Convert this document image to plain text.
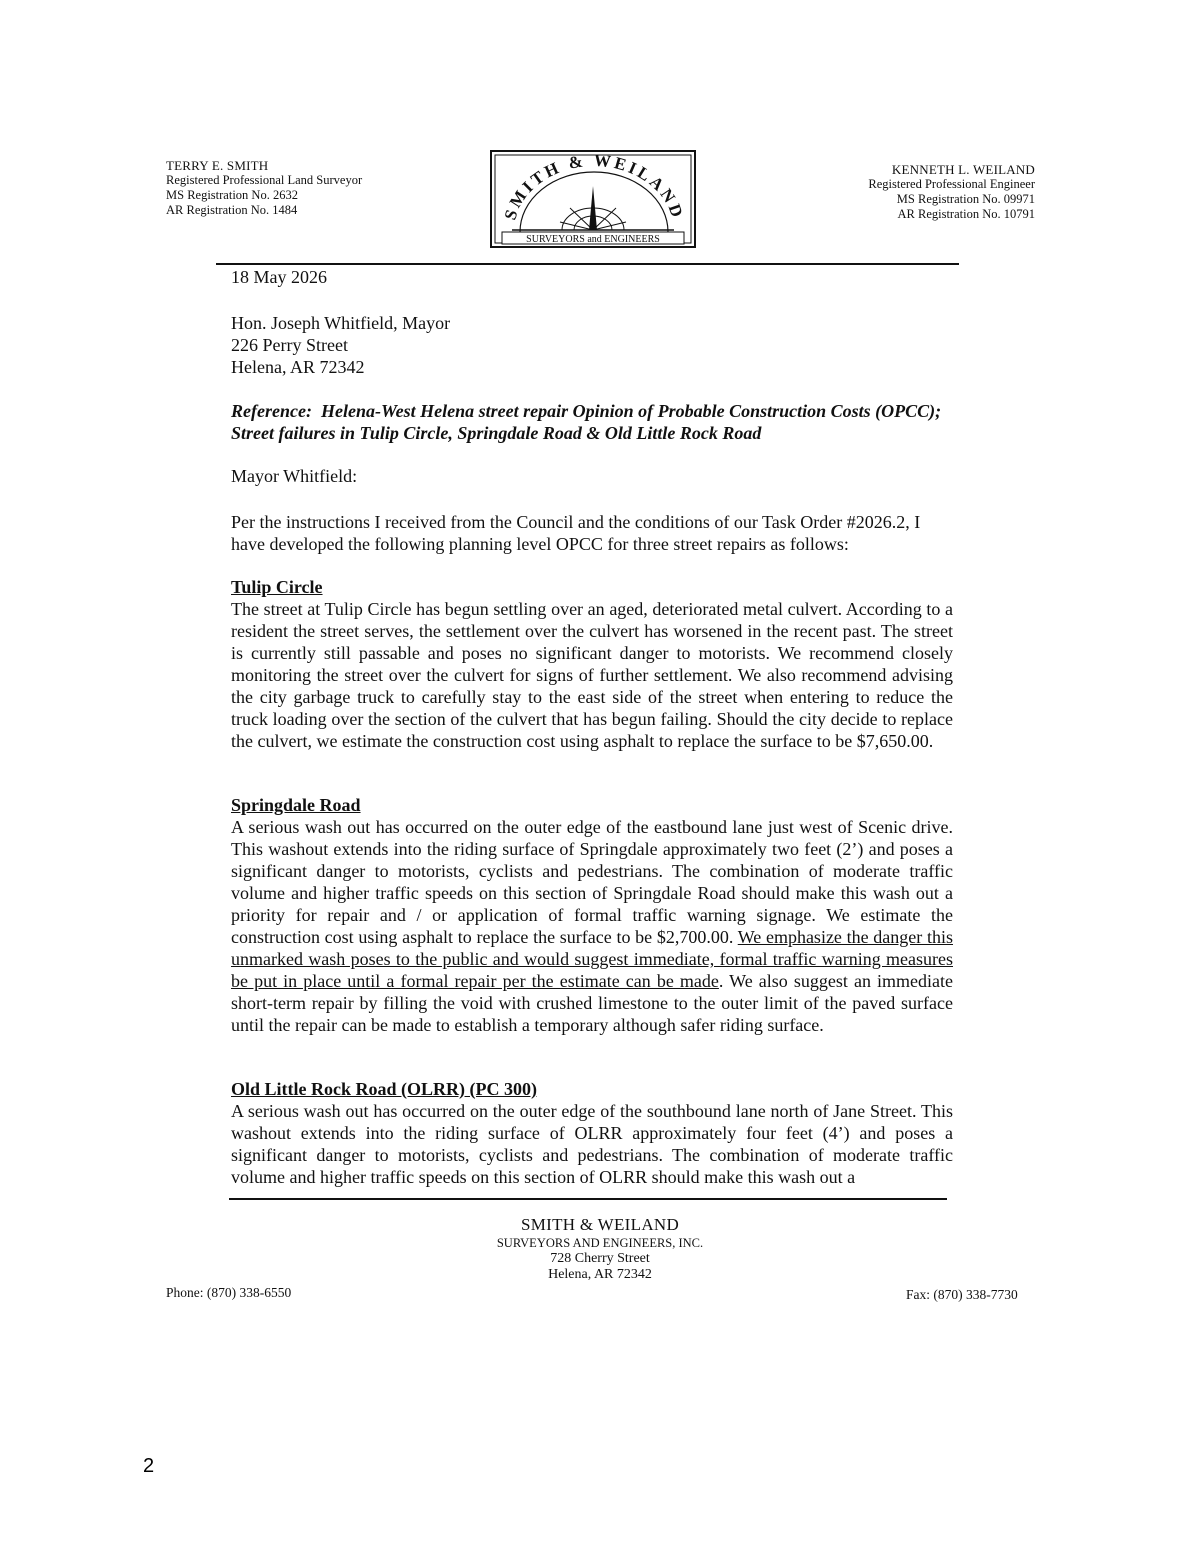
TERRY E. SMITH
Registered Professional Land Surveyor
MS Registration No. 2632
AR Registration No. 1484	SMITH & WEILAND
SURVEYORS and ENGINEERS
KENNETH L. WEILAND
Registered Professional Engineer
MS Registration No. 09971
AR Registration No. 10791
18 May 2026
Hon. Joseph Whitfield, Mayor
226 Perry Street
Helena, AR 72342
Reference: Helena-West Helena street repair Opinion of Probable Construction Costs (OPCC); Street failures in Tulip Circle, Springdale Road & Old Little Rock Road
Mayor Whitfield:
Per the instructions I received from the Council and the conditions of our Task Order #2026.2, I have developed the following planning level OPCC for three street repairs as follows:
Tulip Circle
The street at Tulip Circle has begun settling over an aged, deteriorated metal culvert. According to a resident the street serves, the settlement over the culvert has worsened in the recent past. The street is currently still passable and poses no significant danger to motorists. We recommend closely monitoring the street over the culvert for signs of further settlement. We also recommend advising the city garbage truck to carefully stay to the east side of the street when entering to reduce the truck loading over the section of the culvert that has begun failing. Should the city decide to replace the culvert, we estimate the construction cost using asphalt to replace the surface to be $7,650.00.
Springdale Road
A serious wash out has occurred on the outer edge of the eastbound lane just west of Scenic drive. This washout extends into the riding surface of Springdale approximately two feet (2’) and poses a significant danger to motorists, cyclists and pedestrians. The combination of moderate traffic volume and higher traffic speeds on this section of Springdale Road should make this wash out a priority for repair and / or application of formal traffic warning signage. We estimate the construction cost using asphalt to replace the surface to be $2,700.00. We emphasize the danger this unmarked wash poses to the public and would suggest immediate, formal traffic warning measures be put in place until a formal repair per the estimate can be made. We also suggest an immediate short-term repair by filling the void with crushed limestone to the outer limit of the paved surface until the repair can be made to establish a temporary although safer riding surface.
Old Little Rock Road (OLRR) (PC 300)
A serious wash out has occurred on the outer edge of the southbound lane north of Jane Street. This washout extends into the riding surface of OLRR approximately four feet (4’) and poses a significant danger to motorists, cyclists and pedestrians. The combination of moderate traffic volume and higher traffic speeds on this section of OLRR should make this wash out a
SMITH & WEILAND
SURVEYORS AND ENGINEERS, INC.
728 Cherry Street
Helena, AR 72342
Phone: (870) 338-6550	Fax: (870) 338-7730
2
